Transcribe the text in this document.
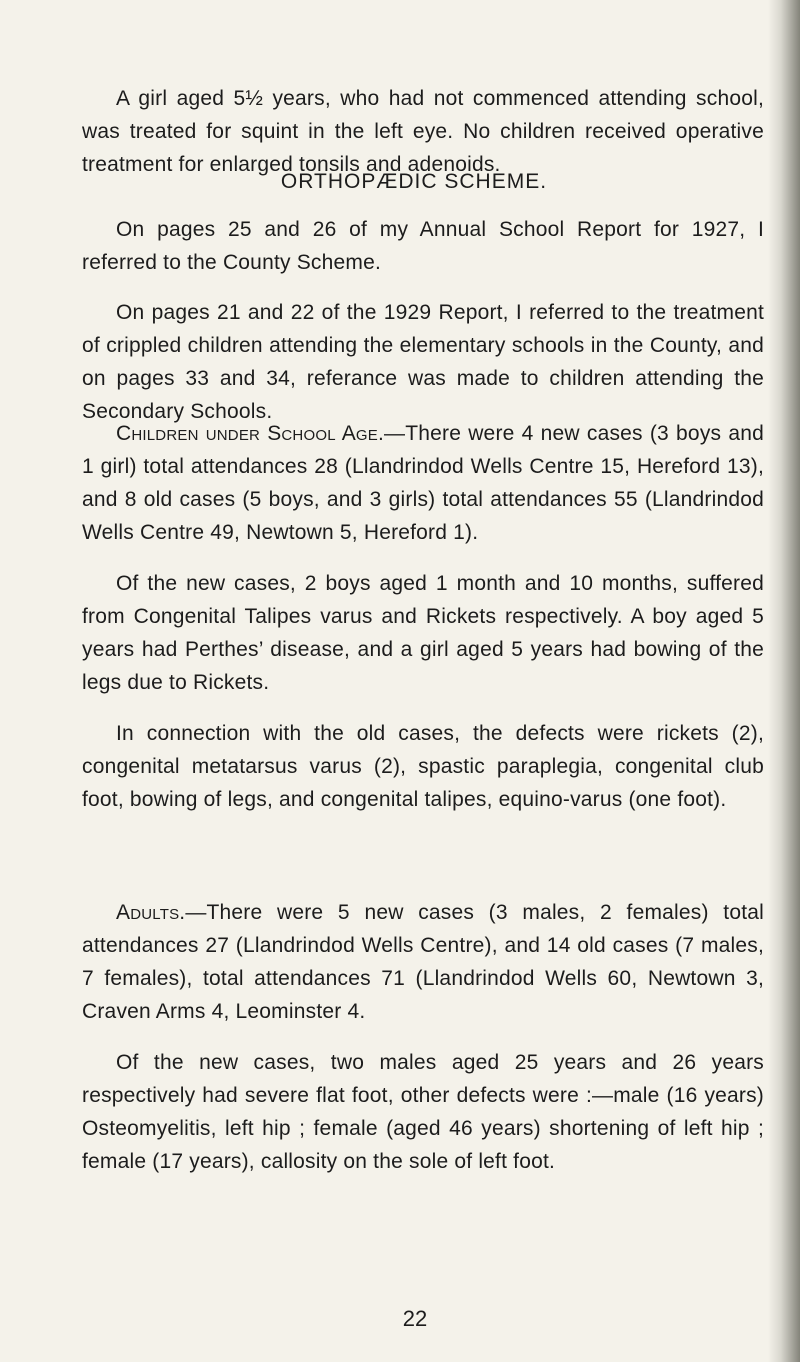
A girl aged 5½ years, who had not commenced attending school, was treated for squint in the left eye. No children received operative treatment for enlarged tonsils and adenoids.

ORTHOPÆDIC SCHEME.

On pages 25 and 26 of my Annual School Report for 1927, I referred to the County Scheme.

On pages 21 and 22 of the 1929 Report, I referred to the treatment of crippled children attending the elementary schools in the County, and on pages 33 and 34, referance was made to children attending the Secondary Schools.

Children under School Age.—There were 4 new cases (3 boys and 1 girl) total attendances 28 (Llandrindod Wells Centre 15, Hereford 13), and 8 old cases (5 boys, and 3 girls) total attendances 55 (Llandrindod Wells Centre 49, Newtown 5, Hereford 1).

Of the new cases, 2 boys aged 1 month and 10 months, suffered from Congenital Talipes varus and Rickets respectively. A boy aged 5 years had Perthes’ disease, and a girl aged 5 years had bowing of the legs due to Rickets.

In connection with the old cases, the defects were rickets (2), congenital metatarsus varus (2), spastic paraplegia, congenital club foot, bowing of legs, and congenital talipes, equino-varus (one foot).

Adults.—There were 5 new cases (3 males, 2 females) total attendances 27 (Llandrindod Wells Centre), and 14 old cases (7 males, 7 females), total attendances 71 (Llandrindod Wells 60, Newtown 3, Craven Arms 4, Leominster 4.

Of the new cases, two males aged 25 years and 26 years respectively had severe flat foot, other defects were :—male (16 years) Osteomyelitis, left hip ; female (aged 46 years) shortening of left hip ; female (17 years), callosity on the sole of left foot.

22
